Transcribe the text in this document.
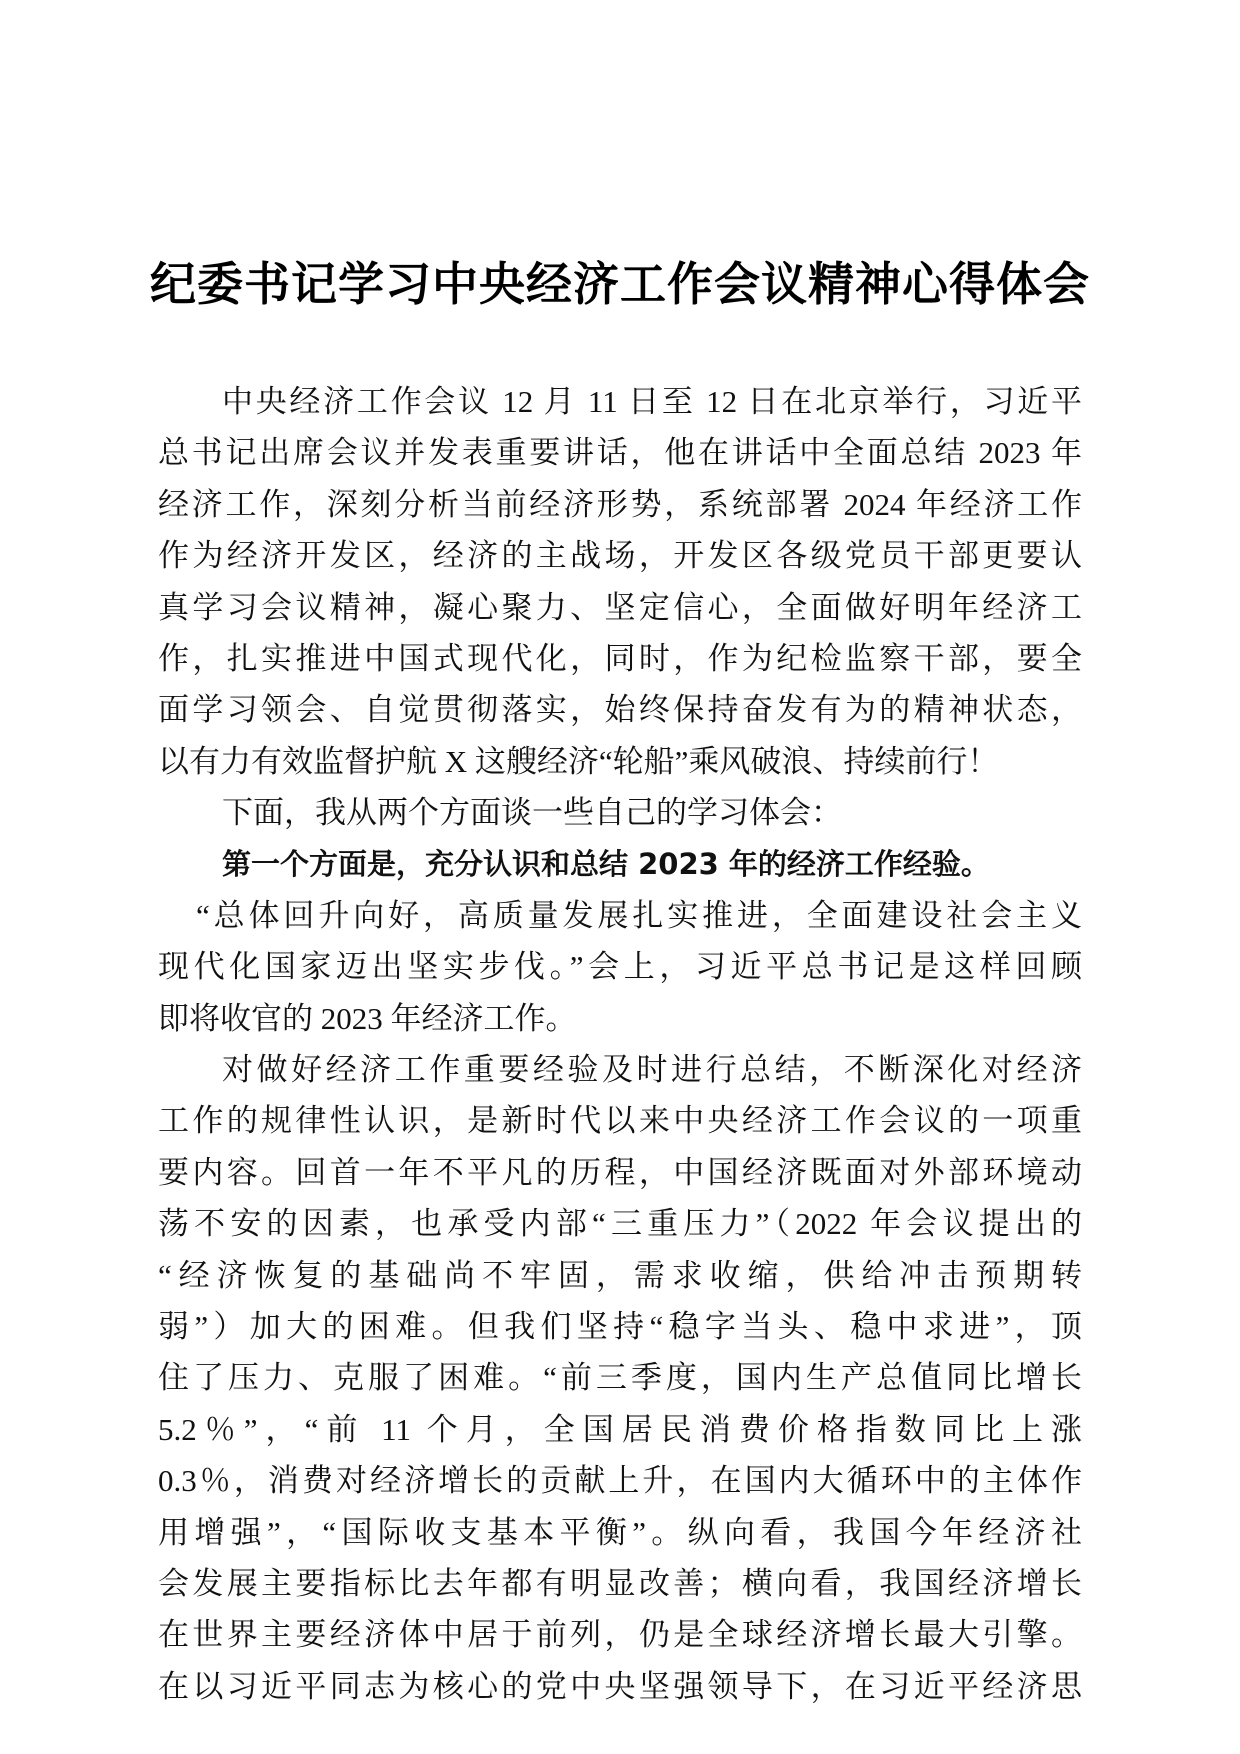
纪委书记学习中央经济工作会议精神心得体会
中央经济工作会议 12 月 11 日至 12 日在北京举行，习近平
总书记出席会议并发表重要讲话，他在讲话中全面总结 2023 年
经济工作，深刻分析当前经济形势，系统部署 2024 年经济工作
作为经济开发区，经济的主战场，开发区各级党员干部更要认
真学习会议精神，凝心聚力、坚定信心，全面做好明年经济工
作，扎实推进中国式现代化，同时，作为纪检监察干部，要全
面学习领会、自觉贯彻落实，始终保持奋发有为的精神状态，
以有力有效监督护航 X 这艘经济“轮船”乘风破浪、持续前行！
下面，我从两个方面谈一些自己的学习体会：
第一个方面是，充分认识和总结 2023 年的经济工作经验。
“总体回升向好，高质量发展扎实推进，全面建设社会主义
现代化国家迈出坚实步伐。”会上，习近平总书记是这样回顾
即将收官的 2023 年经济工作。
对做好经济工作重要经验及时进行总结，不断深化对经济
工作的规律性认识，是新时代以来中央经济工作会议的一项重
要内容。回首一年不平凡的历程，中国经济既面对外部环境动
荡不安的因素，也承受内部“三重压力”（2022 年会议提出的
“经济恢复的基础尚不牢固，需求收缩，供给冲击预期转
弱”）加大的困难。但我们坚持“稳字当头、稳中求进”，顶
住了压力、克服了困难。“前三季度，国内生产总值同比增长
5.2％”，“前 11 个月，全国居民消费价格指数同比上涨
0.3％，消费对经济增长的贡献上升，在国内大循环中的主体作
用增强”，“国际收支基本平衡”。纵向看，我国今年经济社
会发展主要指标比去年都有明显改善；横向看，我国经济增长
在世界主要经济体中居于前列，仍是全球经济增长最大引擎。
在以习近平同志为核心的党中央坚强领导下，在习近平经济思
